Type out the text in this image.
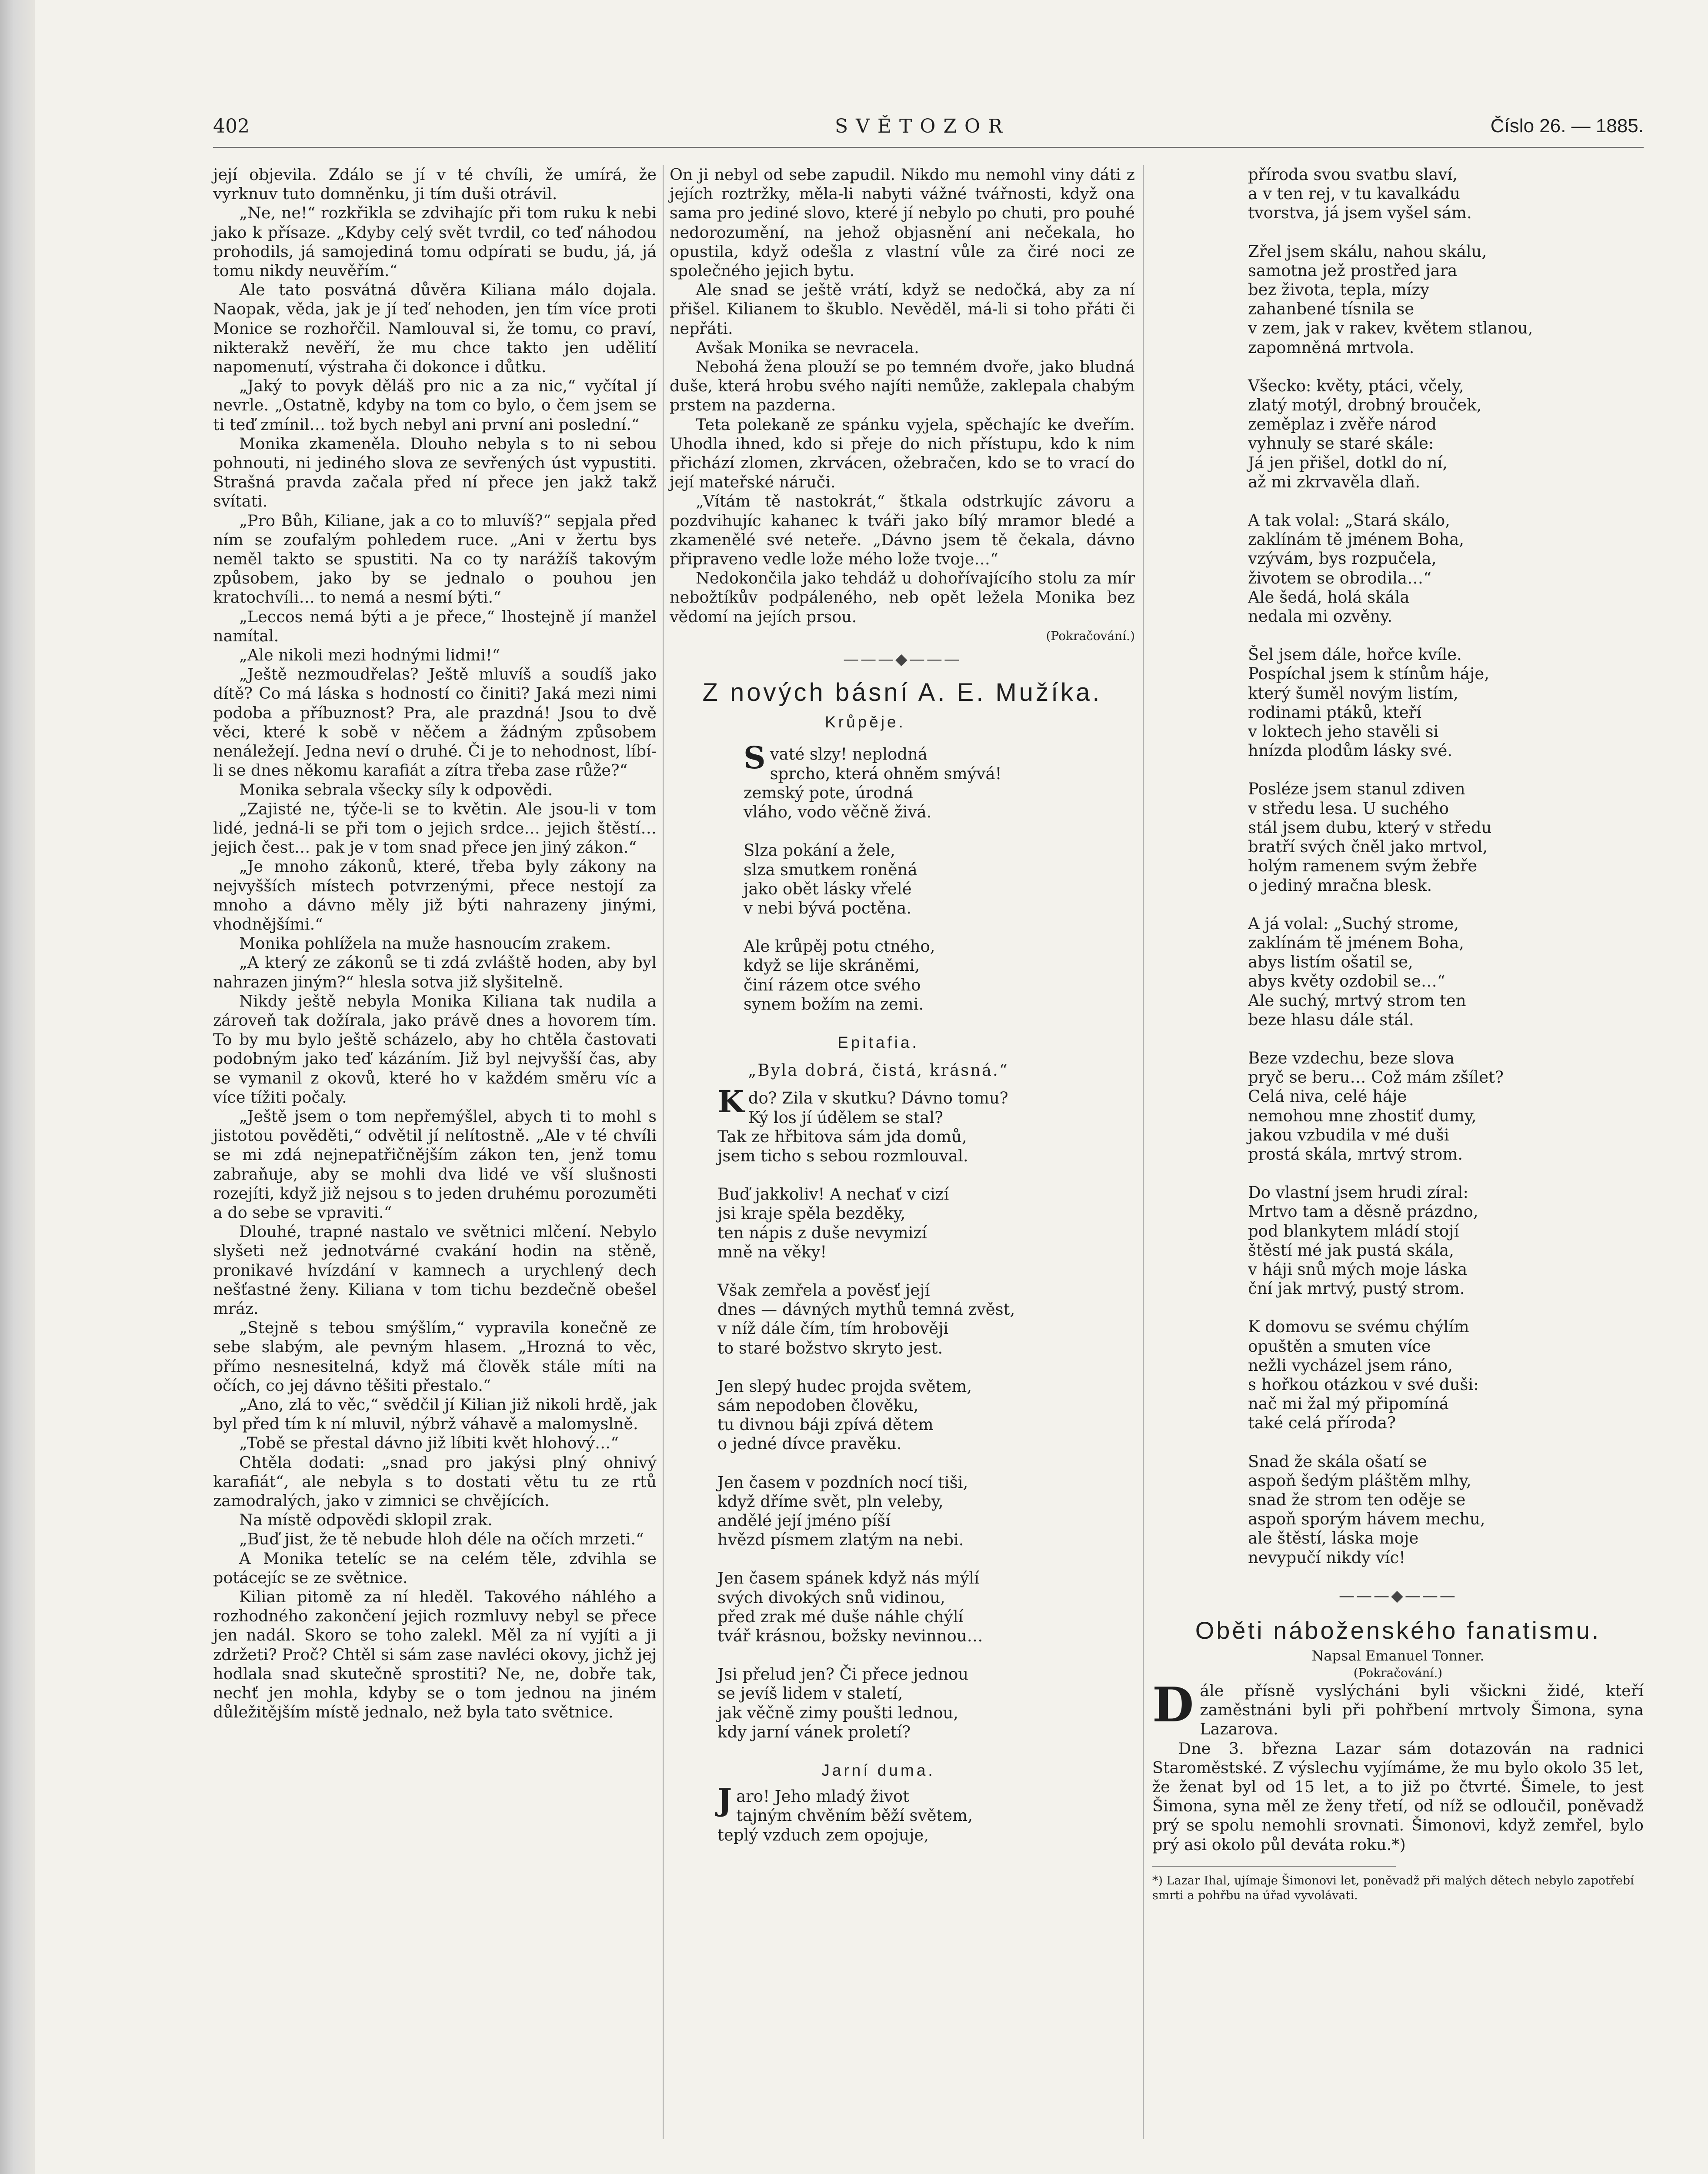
402	SVĚTOZOR	Číslo 26. — 1885.

její objevila. Zdálo se jí v té chvíli, že umírá, že vyrknuv tuto domněnku, ji tím duši otrávil.

„Ne, ne!“ rozkřikla se zdvihajíc při tom ruku k nebi jako k přísaze. „Kdyby celý svět tvrdil, co teď náhodou prohodils, já samojediná tomu odpírati se budu, já, já tomu nikdy neuvěřím.“

Ale tato posvátná důvěra Kiliana málo dojala. Naopak, věda, jak je jí teď nehoden, jen tím více proti Monice se rozhořčil. Namlouval si, že tomu, co praví, nikterakž nevěří, že mu chce takto jen udělití napomenutí, výstraha či dokonce i důtku.

„Jaký to povyk děláš pro nic a za nic,“ vyčítal jí nevrle. „Ostatně, kdyby na tom co bylo, o čem jsem se ti teď zmínil… tož bych nebyl ani první ani poslední.“

Monika zkameněla. Dlouho nebyla s to ni sebou pohnouti, ni jediného slova ze sevřených úst vypustiti. Strašná pravda začala před ní přece jen jakž takž svítati.

„Pro Bůh, Kiliane, jak a co to mluvíš?“ sepjala před ním se zoufalým pohledem ruce. „Ani v žertu bys neměl takto se spustiti. Na co ty narážíš takovým způsobem, jako by se jednalo o pouhou jen kratochvíli… to nemá a nesmí býti.“

„Leccos nemá býti a je přece,“ lhostejně jí manžel namítal.

„Ale nikoli mezi hodnými lidmi!“

„Ještě nezmoudřelas? Ještě mluvíš a soudíš jako dítě? Co má láska s hodností co činiti? Jaká mezi nimi podoba a příbuznost? Pra, ale prazdná! Jsou to dvě věci, které k sobě v něčem a žádným způsobem nenáležejí. Jedna neví o druhé. Či je to nehodnost, líbí-li se dnes někomu karafiát a zítra třeba zase růže?“

Monika sebrala všecky síly k odpovědi.

„Zajisté ne, týče-li se to květin. Ale jsou-li v tom lidé, jedná-li se při tom o jejich srdce… jejich štěstí… jejich čest… pak je v tom snad přece jen jiný zákon.“

„Je mnoho zákonů, které, třeba byly zákony na nejvyšších místech potvrzenými, přece nestojí za mnoho a dávno měly již býti nahrazeny jinými, vhodnějšími.“

Monika pohlížela na muže hasnoucím zrakem.

„A který ze zákonů se ti zdá zvláště hoden, aby byl nahrazen jiným?“ hlesla sotva již slyšitelně.

Nikdy ještě nebyla Monika Kiliana tak nudila a zároveň tak dožírala, jako právě dnes a hovorem tím. To by mu bylo ještě scházelo, aby ho chtěla častovati podobným jako teď kázáním. Již byl nejvyšší čas, aby se vymanil z okovů, které ho v každém směru víc a více tížiti počaly.

„Ještě jsem o tom nepřemýšlel, abych ti to mohl s jistotou pověděti,“ odvětil jí nelítostně. „Ale v té chvíli se mi zdá nejnepatřičnějším zákon ten, jenž tomu zabraňuje, aby se mohli dva lidé ve vší slušnosti rozejíti, když již nejsou s to jeden druhému porozuměti a do sebe se vpraviti.“

Dlouhé, trapné nastalo ve světnici mlčení. Nebylo slyšeti než jednotvárné cvakání hodin na stěně, pronikavé hvízdání v kamnech a urychlený dech nešťastné ženy. Kiliana v tom tichu bezdečně obešel mráz.

„Stejně s tebou smýšlím,“ vypravila konečně ze sebe slabým, ale pevným hlasem. „Hrozná to věc, přímo nesnesitelná, když má člověk stále míti na očích, co jej dávno těšiti přestalo.“

„Ano, zlá to věc,“ svědčil jí Kilian již nikoli hrdě, jak byl před tím k ní mluvil, nýbrž váhavě a malomyslně.

„Tobě se přestal dávno již líbiti květ hlohový…“

Chtěla dodati: „snad pro jakýsi plný ohnivý karafiát“, ale nebyla s to dostati větu tu ze rtů zamodralých, jako v zimnici se chvějících.

Na místě odpovědi sklopil zrak.

„Buď jist, že tě nebude hloh déle na očích mrzeti.“

A Monika tetelíc se na celém těle, zdvihla se potácejíc se ze světnice.

Kilian pitomě za ní hleděl. Takového náhlého a rozhodného zakončení jejich rozmluvy nebyl se přece jen nadál. Skoro se toho zalekl. Měl za ní vyjíti a ji zdržeti? Proč? Chtěl si sám zase navléci okovy, jichž jej hodlala snad skutečně sprostiti? Ne, ne, dobře tak, nechť jen mohla, kdyby se o tom jednou na jiném důležitějším místě jednalo, než byla tato světnice.

On ji nebyl od sebe zapudil. Nikdo mu nemohl viny dáti z jejích roztržky, měla-li nabyti vážné tvářnosti, když ona sama pro jediné slovo, které jí nebylo po chuti, pro pouhé nedorozumění, na jehož objasnění ani nečekala, ho opustila, když odešla z vlastní vůle za čiré noci ze společného jejich bytu.

Ale snad se ještě vrátí, když se nedočká, aby za ní přišel. Kilianem to škublo. Nevěděl, má-li si toho přáti či nepřáti.

Avšak Monika se nevracela.

Nebohá žena plouží se po temném dvoře, jako bludná duše, která hrobu svého najíti nemůže, zaklepala chabým prstem na pazderna.

Teta polekaně ze spánku vyjela, spěchajíc ke dveřím. Uhodla ihned, kdo si přeje do nich přístupu, kdo k nim přichází zlomen, zkrvácen, ožebračen, kdo se to vrací do její mateřské náruči.

„Vítám tě nastokrát,“ štkala odstrkujíc závoru a pozdvihujíc kahanec k tváři jako bílý mramor bledé a zkamenělé své neteře. „Dávno jsem tě čekala, dávno připraveno vedle lože mého lože tvoje…“

Nedokončila jako tehdáž u dohořívajícího stolu za mír nebožtíkův podpáleného, neb opět ležela Monika bez vědomí na jejích prsou.

(Pokračování.)
———◆———
Z nových básní A. E. Mužíka.
Krůpěje.
Svaté slzy! neplodná
sprcho, která ohněm smývá!
zemský pote, úrodná
vláho, vodo věčně živá.
Slza pokání a žele,
slza smutkem roněná
jako obět lásky vřelé
v nebi bývá poctěna.
Ale krůpěj potu ctného,
když se lije skráněmi,
činí rázem otce svého
synem božím na zemi.
Epitafia.
„Byla dobrá, čistá, krásná.“
Kdo? Zila v skutku? Dávno tomu?
Ký los jí údělem se stal?
Tak ze hřbitova sám jda domů,
jsem ticho s sebou rozmlouval.
Buď jakkoliv! A nechať v cizí
jsi kraje spěla bezděky,
ten nápis z duše nevymizí
mně na věky!
Však zemřela a pověsť její
dnes — dávných mythů temná zvěst,
v níž dále čím, tím hrobověji
to staré božstvo skryto jest.
Jen slepý hudec projda světem,
sám nepodoben člověku,
tu divnou báji zpívá dětem
o jedné dívce pravěku.
Jen časem v pozdních nocí tiši,
když dříme svět, pln veleby,
andělé její jméno píší
hvězd písmem zlatým na nebi.
Jen časem spánek když nás mýlí
svých divokých snů vidinou,
před zrak mé duše náhle chýlí
tvář krásnou, božsky nevinnou…
Jsi přelud jen? Či přece jednou
se jevíš lidem v staletí,
jak věčně zimy poušti lednou,
kdy jarní vánek proletí?
Jarní duma.
Jaro! Jeho mladý život
tajným chvěním běží světem,
teplý vzduch zem opojuje,
příroda svou svatbu slaví,
a v ten rej, v tu kavalkádu
tvorstva, já jsem vyšel sám.
Zřel jsem skálu, nahou skálu,
samotna jež prostřed jara
bez života, tepla, mízy
zahanbené tísnila se
v zem, jak v rakev, květem stlanou,
zapomněná mrtvola.
Všecko: květy, ptáci, včely,
zlatý motýl, drobný brouček,
zeměplaz i zvěře národ
vyhnuly se staré skále:
Já jen přišel, dotkl do ní,
až mi zkrvavěla dlaň.
A tak volal: „Stará skálo,
zaklínám tě jménem Boha,
vzývám, bys rozpučela,
životem se obrodila…“
Ale šedá, holá skála
nedala mi ozvěny.
Šel jsem dále, hořce kvíle.
Pospíchal jsem k stínům háje,
který šuměl novým listím,
rodinami ptáků, kteří
v loktech jeho stavěli si
hnízda plodům lásky své.
Posléze jsem stanul zdiven
v středu lesa. U suchého
stál jsem dubu, který v středu
bratří svých čněl jako mrtvol,
holým ramenem svým žebře
o jediný mračna blesk.
A já volal: „Suchý strome,
zaklínám tě jménem Boha,
abys listím ošatil se,
abys květy ozdobil se…“
Ale suchý, mrtvý strom ten
beze hlasu dále stál.
Beze vzdechu, beze slova
pryč se beru… Což mám zšílet?
Celá niva, celé háje
nemohou mne zhostiť dumy,
jakou vzbudila v mé duši
prostá skála, mrtvý strom.
Do vlastní jsem hrudi zíral:
Mrtvo tam a děsně prázdno,
pod blankytem mládí stojí
štěstí mé jak pustá skála,
v háji snů mých moje láska
ční jak mrtvý, pustý strom.
K domovu se svému chýlím
opuštěn a smuten více
nežli vycházel jsem ráno,
s hořkou otázkou v své duši:
nač mi žal mý připomíná
také celá příroda?
Snad že skála ošatí se
aspoň šedým pláštěm mlhy,
snad že strom ten oděje se
aspoň sporým hávem mechu,
ale štěstí, láska moje
nevypučí nikdy víc!
———◆———
Oběti náboženského fanatismu.
Napsal Emanuel Tonner.
(Pokračování.)

Dále přísně vyslýcháni byli všickni židé, kteří zaměstnáni byli při pohřbení mrtvoly Šimona, syna Lazarova.

Dne 3. března Lazar sám dotazován na radnici Staroměstské. Z výslechu vyjímáme, že mu bylo okolo 35 let, že ženat byl od 15 let, a to již po čtvrté. Šimele, to jest Šimona, syna měl ze ženy třetí, od níž se odloučil, poněvadž prý se spolu nemohli srovnati. Šimonovi, když zemřel, bylo prý asi okolo půl deváta roku.*)

*) Lazar Ihal, ujímaje Šimonovi let, poněvadž při malých dětech nebylo zapotřebí smrti a pohřbu na úřad vyvolávati.
